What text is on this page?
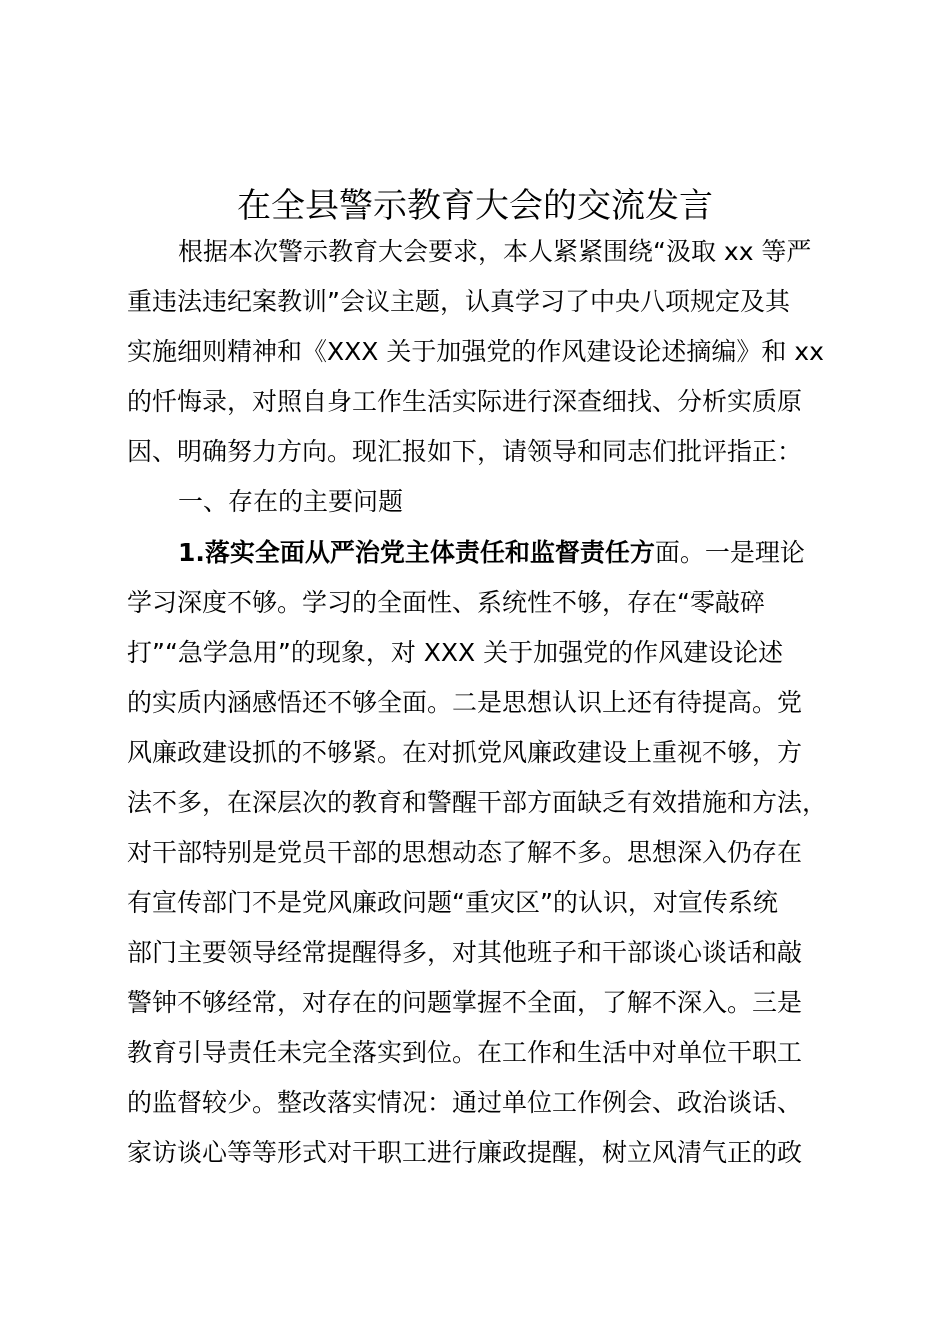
在全县警示教育大会的交流发言
根据本次警示教育大会要求，本人紧紧围绕“汲取 xx 等严
重违法违纪案教训”会议主题，认真学习了中央八项规定及其
实施细则精神和《XXX 关于加强党的作风建设论述摘编》和 xx
的忏悔录，对照自身工作生活实际进行深查细找、分析实质原
因、明确努力方向。现汇报如下，请领导和同志们批评指正：
一、存在的主要问题
1.落实全面从严治党主体责任和监督责任方面。一是理论
学习深度不够。学习的全面性、系统性不够，存在“零敲碎
打”“急学急用”的现象，对 XXX 关于加强党的作风建设论述
的实质内涵感悟还不够全面。二是思想认识上还有待提高。党
风廉政建设抓的不够紧。在对抓党风廉政建设上重视不够，方
法不多，在深层次的教育和警醒干部方面缺乏有效措施和方法，
对干部特别是党员干部的思想动态了解不多。思想深入仍存在
有宣传部门不是党风廉政问题“重灾区”的认识，对宣传系统
部门主要领导经常提醒得多，对其他班子和干部谈心谈话和敲
警钟不够经常，对存在的问题掌握不全面，了解不深入。三是
教育引导责任未完全落实到位。在工作和生活中对单位干职工
的监督较少。整改落实情况：通过单位工作例会、政治谈话、
家访谈心等等形式对干职工进行廉政提醒，树立风清气正的政
